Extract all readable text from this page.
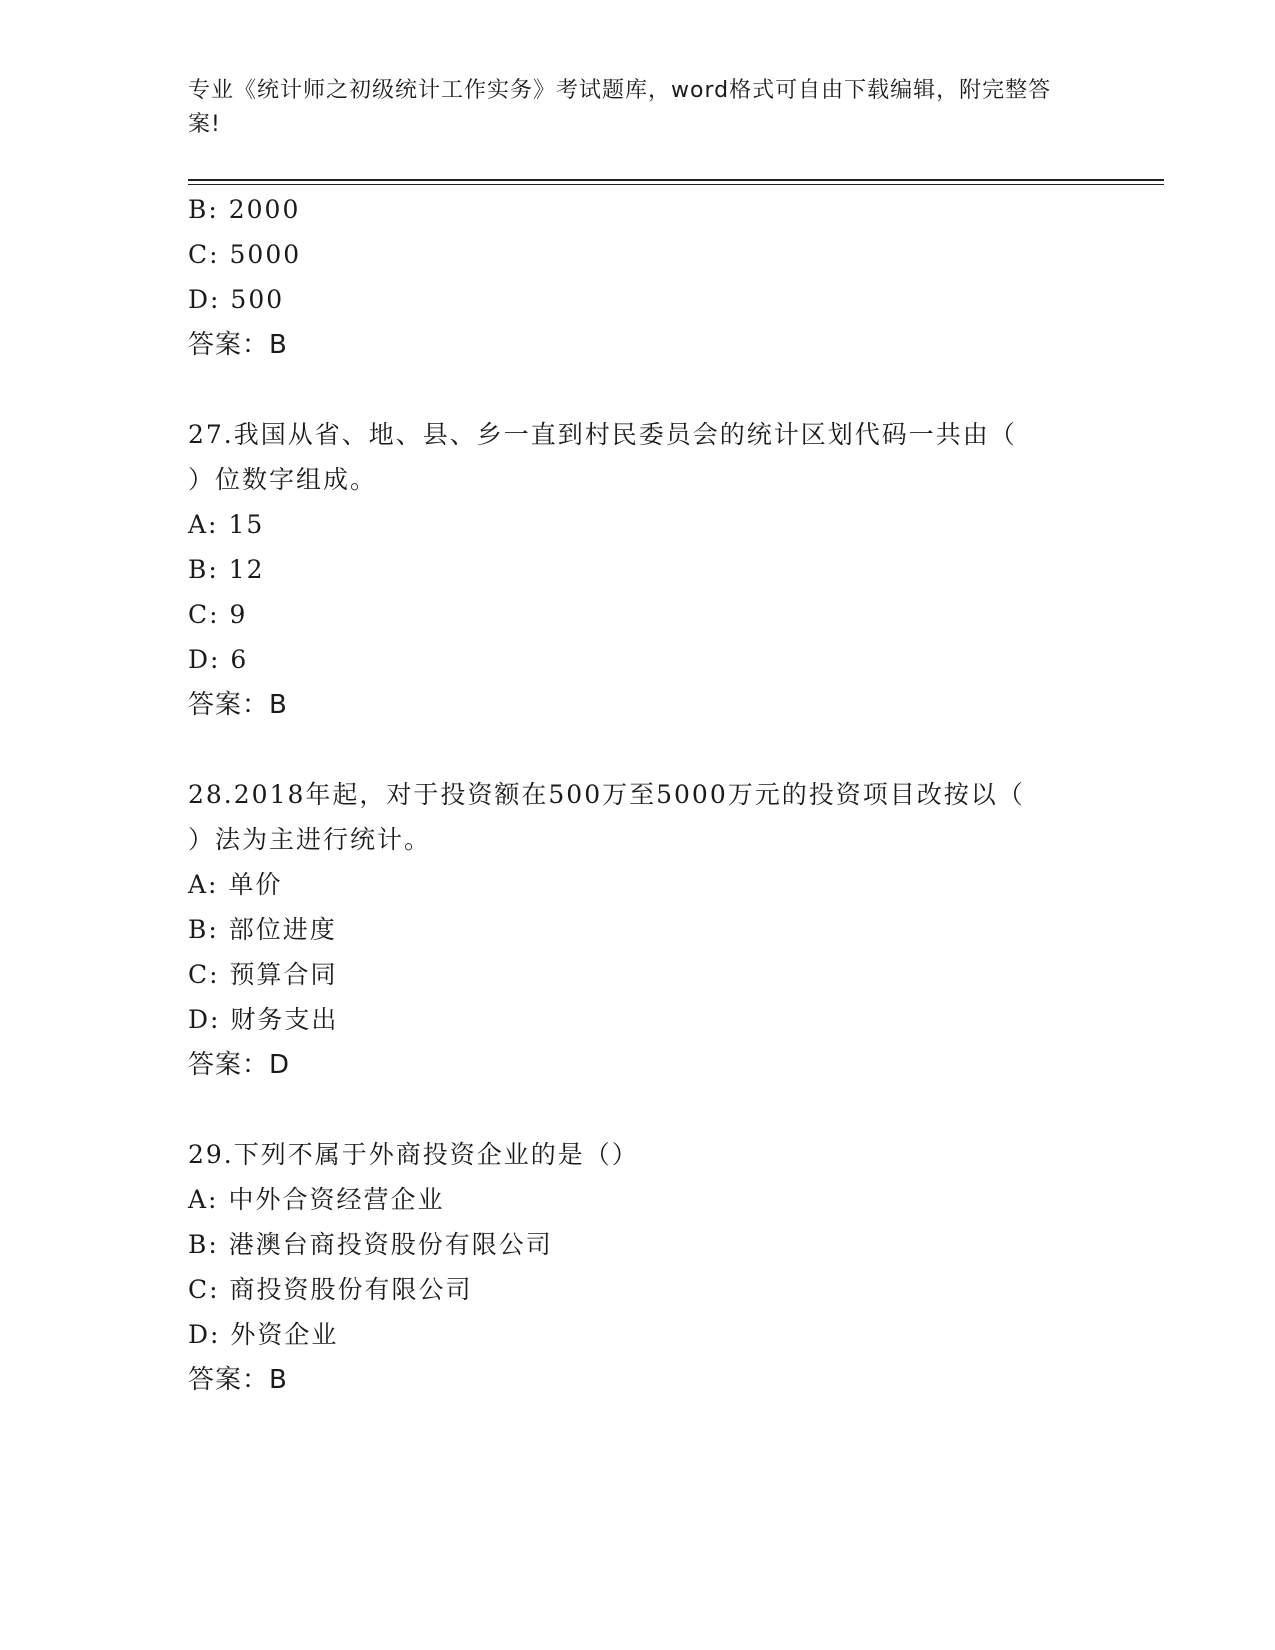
专业《统计师之初级统计工作实务》考试题库，word格式可自由下载编辑，附完整答案!
B: 2000
C: 5000
D: 500
答案：B
27.我国从省、地、县、乡一直到村民委员会的统计区划代码一共由（
）位数字组成。
A: 15
B: 12
C: 9
D: 6
答案：B
28.2018年起，对于投资额在500万至5000万元的投资项目改按以（
）法为主进行统计。
A: 单价
B: 部位进度
C: 预算合同
D: 财务支出
答案：D
29.下列不属于外商投资企业的是（）
A: 中外合资经营企业
B: 港澳台商投资股份有限公司
C: 商投资股份有限公司
D: 外资企业
答案：B
